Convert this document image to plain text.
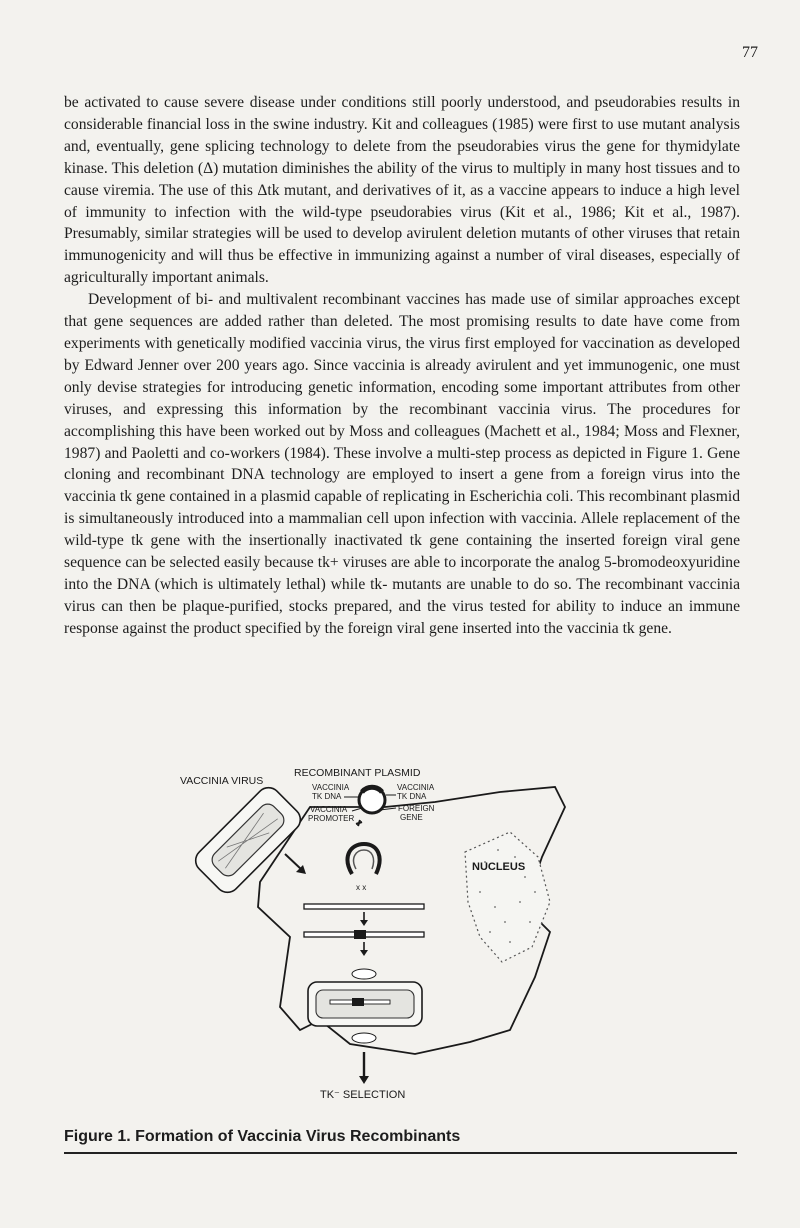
77

be activated to cause severe disease under conditions still poorly understood, and pseudorabies results in considerable financial loss in the swine industry. Kit and colleagues (1985) were first to use mutant analysis and, eventually, gene splicing technology to delete from the pseudorabies virus the gene for thymidylate kinase. This deletion (Δ) mutation diminishes the ability of the virus to multiply in many host tissues and to cause viremia. The use of this Δtk mutant, and derivatives of it, as a vaccine appears to induce a high level of immunity to infection with the wild-type pseudorabies virus (Kit et al., 1986; Kit et al., 1987). Presumably, similar strategies will be used to develop avirulent deletion mutants of other viruses that retain immunogenicity and will thus be effective in immunizing against a number of viral diseases, especially of agriculturally important animals.

Development of bi- and multivalent recombinant vaccines has made use of similar approaches except that gene sequences are added rather than deleted. The most promising results to date have come from experiments with genetically modified vaccinia virus, the virus first employed for vaccination as developed by Edward Jenner over 200 years ago. Since vaccinia is already avirulent and yet immunogenic, one must only devise strategies for introducing genetic information, encoding some important attributes from other viruses, and expressing this information by the recombinant vaccinia virus. The procedures for accomplishing this have been worked out by Moss and colleagues (Machett et al., 1984; Moss and Flexner, 1987) and Paoletti and co-workers (1984). These involve a multi-step process as depicted in Figure 1. Gene cloning and recombinant DNA technology are employed to insert a gene from a foreign virus into the vaccinia tk gene contained in a plasmid capable of replicating in Escherichia coli. This recombinant plasmid is simultaneously introduced into a mammalian cell upon infection with vaccinia. Allele replacement of the wild-type tk gene with the insertionally inactivated tk gene containing the inserted foreign viral gene sequence can be selected easily because tk+ viruses are able to incorporate the analog 5-bromodeoxyuridine into the DNA (which is ultimately lethal) while tk- mutants are unable to do so. The recombinant vaccinia virus can then be plaque-purified, stocks prepared, and the virus tested for ability to induce an immune response against the product specified by the foreign viral gene inserted into the vaccinia tk gene.

NUCLEUS
VACCINIA VIRUS
RECOMBINANT PLASMID
VACCINIA
TK DNA
VACCINIA
TK DNA
FOREIGN
GENE
VACCINIA
PROMOTER
x x
TK⁻ SELECTION
Figure 1. Formation of Vaccinia Virus Recombinants
